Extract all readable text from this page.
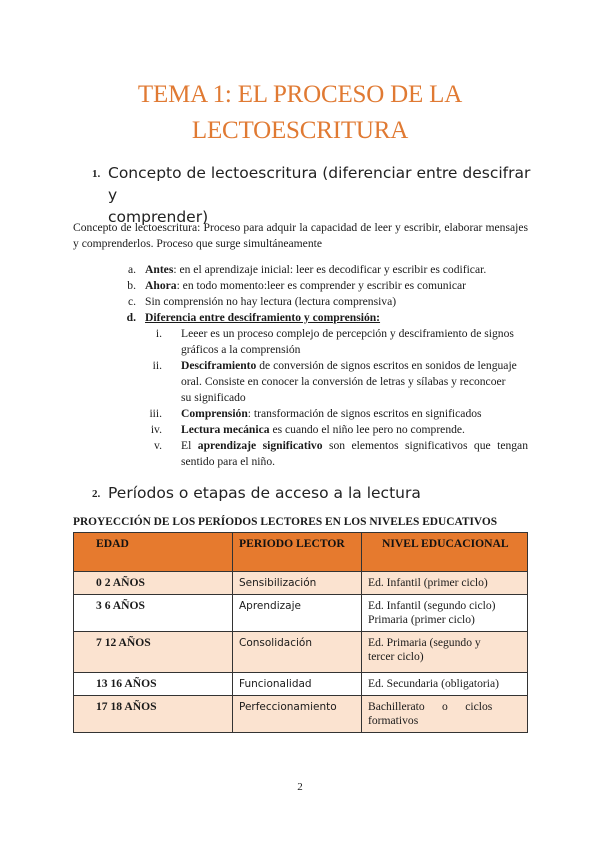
TEMA 1: EL PROCESO DE LA
LECTOESCRITURA
1. Concepto de lectoescritura (diferenciar entre descifrar y
comprender)
Concepto de lectoescritura: Proceso para adquir la capacidad de leer y escribir, elaborar mensajes y comprenderlos. Proceso que surge simultáneamente
a. Antes: en el aprendizaje inicial: leer es decodificar y escribir es codificar.
b. Ahora: en todo momento:leer es comprender y escribir es comunicar
c. Sin comprensión no hay lectura (lectura comprensiva)
d. Diferencia entre desciframiento y comprensión:
i. Leeer es un proceso complejo de percepción y desciframiento de signos
gráficos a la comprensión
ii. Desciframiento de conversión de signos escritos en sonidos de lenguaje
oral. Consiste en conocer la conversión de letras y sílabas y reconcoer
su significado
iii. Comprensión: transformación de signos escritos en significados
iv. Lectura mecánica es cuando el niño lee pero no comprende.
v. El aprendizaje significativo son elementos significativos que tengan
sentido para el niño.
2. Períodos o etapas de acceso a la lectura
PROYECCIÓN DE LOS PERÍODOS LECTORES EN LOS NIVELES EDUCATIVOS
EDAD	PERIODO LECTOR	NIVEL EDUCACIONAL
0 2 AÑOS	Sensibilización	Ed. Infantil (primer ciclo)
3 6 AÑOS	Aprendizaje	Ed. Infantil (segundo ciclo)
Primaria (primer ciclo)
7 12 AÑOS	Consolidación	Ed. Primaria (segundo y
tercer ciclo)
13 16 AÑOS	Funcionalidad	Ed. Secundaria (obligatoria)
17 18 AÑOS	Perfeccionamiento	Bachillerato      o      ciclos
formativos
2
